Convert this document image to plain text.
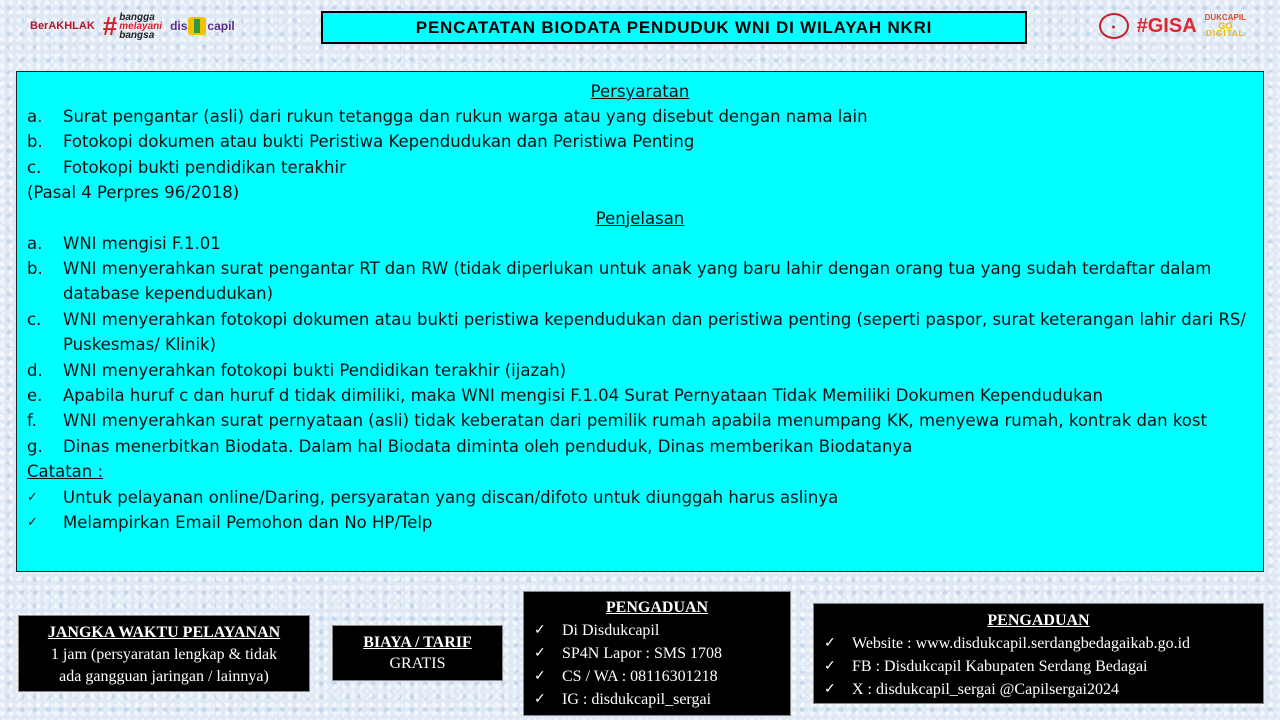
BerAKHLAK # bangga
melayani
bangsa
dis capil	PENCATATAN BIODATA PENDUDUK WNI DI WILAYAH NKRI	●	#GISA DUKCAPIL
GO
DIGITAL
Persyaratan
a.	Surat pengantar (asli) dari rukun tetangga dan rukun warga atau yang disebut dengan nama lain
b.	Fotokopi dokumen atau bukti Peristiwa Kependudukan dan Peristiwa Penting
c.	Fotokopi bukti pendidikan terakhir
(Pasal 4 Perpres 96/2018)
Penjelasan
a.	WNI mengisi F.1.01
b.	WNI menyerahkan surat pengantar RT dan RW (tidak diperlukan untuk anak yang baru lahir dengan orang tua yang sudah terdaftar dalam database kependudukan)
c.	WNI menyerahkan fotokopi dokumen atau bukti peristiwa kependudukan dan peristiwa penting (seperti paspor, surat keterangan lahir dari RS/ Puskesmas/ Klinik)
d.	WNI menyerahkan fotokopi bukti Pendidikan terakhir (ijazah)
e.	Apabila huruf c dan huruf d tidak dimiliki, maka WNI mengisi F.1.04 Surat Pernyataan Tidak Memiliki Dokumen Kependudukan
f.	WNI menyerahkan surat pernyataan (asli) tidak keberatan dari pemilik rumah apabila menumpang KK, menyewa rumah, kontrak dan kost
g.	Dinas menerbitkan Biodata. Dalam hal Biodata diminta oleh penduduk, Dinas memberikan Biodatanya
Catatan :
✓	Untuk pelayanan online/Daring, persyaratan yang discan/difoto untuk diunggah harus aslinya
✓	Melampirkan Email Pemohon dan No HP/Telp
JANGKA WAKTU PELAYANAN
1 jam (persyaratan lengkap & tidak
ada gangguan jaringan / lainnya)
BIAYA / TARIF
GRATIS
PENGADUAN
✓	Di Disdukcapil
✓	SP4N Lapor : SMS 1708
✓	CS / WA : 08116301218
✓	IG : disdukcapil_sergai
PENGADUAN
✓	Website : www.disdukcapil.serdangbedagaikab.go.id
✓	FB : Disdukcapil Kabupaten Serdang Bedagai
✓	X : disdukcapil_sergai @Capilsergai2024
